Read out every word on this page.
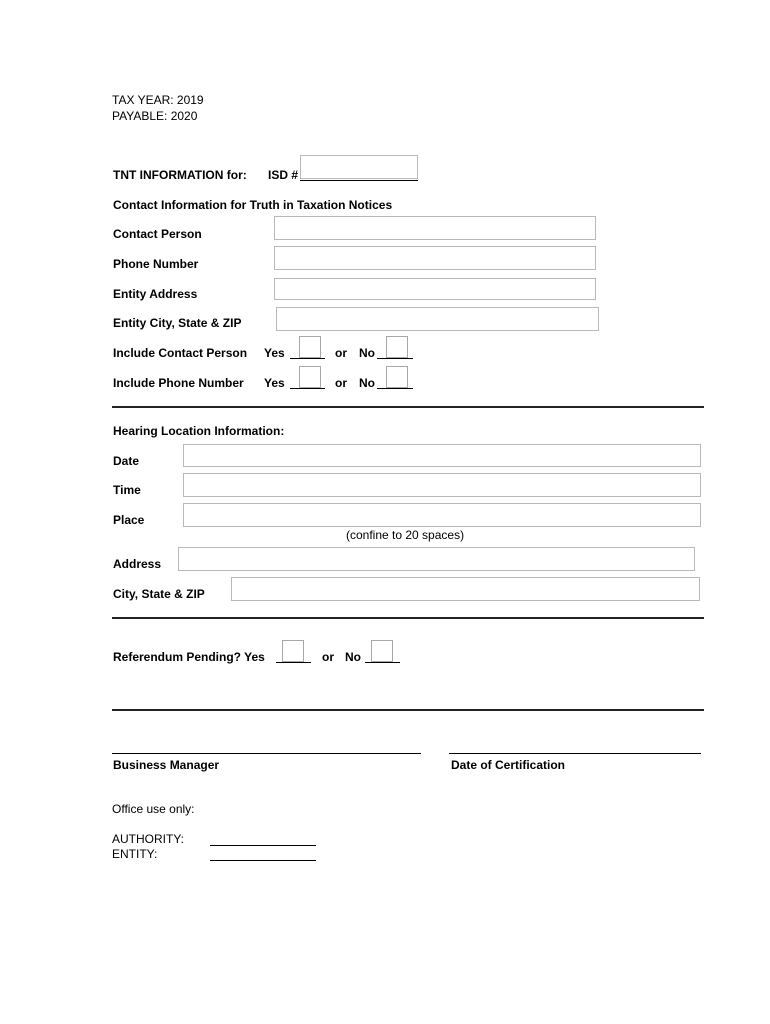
TAX YEAR: 2019
PAYABLE: 2020
TNT INFORMATION for: ISD #
Contact Information for Truth in Taxation Notices
Contact Person
Phone Number
Entity Address
Entity City, State & ZIP
Include Contact Person Yes	or No
Include Phone Number Yes	or No
Hearing Location Information:
Date
Time
Place
(confine to 20 spaces)
Address
City, State & ZIP
Referendum Pending? Yes	or No
Business Manager	Date of Certification
Office use only:
AUTHORITY:
ENTITY:
